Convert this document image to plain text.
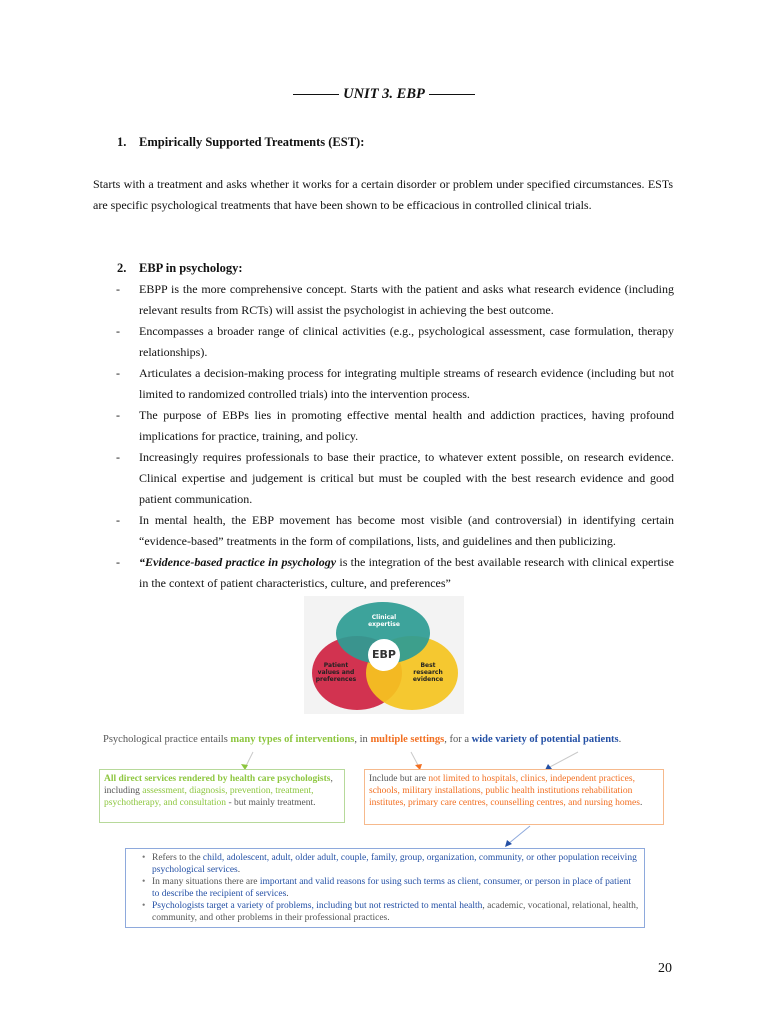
UNIT 3. EBP
1. Empirically Supported Treatments (EST):
Starts with a treatment and asks whether it works for a certain disorder or problem under specified circumstances. ESTs are specific psychological treatments that have been shown to be efficacious in controlled clinical trials.
2. EBP in psychology:
- EBPP is the more comprehensive concept. Starts with the patient and asks what research evidence (including relevant results from RCTs) will assist the psychologist in achieving the best outcome.
- Encompasses a broader range of clinical activities (e.g., psychological assessment, case formulation, therapy relationships).
- Articulates a decision-making process for integrating multiple streams of research evidence (including but not limited to randomized controlled trials) into the intervention process.
- The purpose of EBPs lies in promoting effective mental health and addiction practices, having profound implications for practice, training, and policy.
- Increasingly requires professionals to base their practice, to whatever extent possible, on research evidence. Clinical expertise and judgement is critical but must be coupled with the best research evidence and good patient communication.
- In mental health, the EBP movement has become most visible (and controversial) in identifying certain “evidence-based” treatments in the form of compilations, lists, and guidelines and then publicizing.
- “Evidence-based practice in psychology is the integration of the best available research with clinical expertise in the context of patient characteristics, culture, and preferences”
EBP
Clinical expertise
Patient values and preferences
Best research evidence
Psychological practice entails many types of interventions, in multiple settings, for a wide variety of potential patients.
All direct services rendered by health care psychologists, including assessment, diagnosis, prevention, treatment, psychotherapy, and consultation - but mainly treatment.
Include but are not limited to hospitals, clinics, independent practices, schools, military installations, public health institutions rehabilitation institutes, primary care centres, counselling centres, and nursing homes.
• Refers to the child, adolescent, adult, older adult, couple, family, group, organization, community, or other population receiving psychological services.
• In many situations there are important and valid reasons for using such terms as client, consumer, or person in place of patient to describe the recipient of services.
• Psychologists target a variety of problems, including but not restricted to mental health, academic, vocational, relational, health, community, and other problems in their professional practices.
20
